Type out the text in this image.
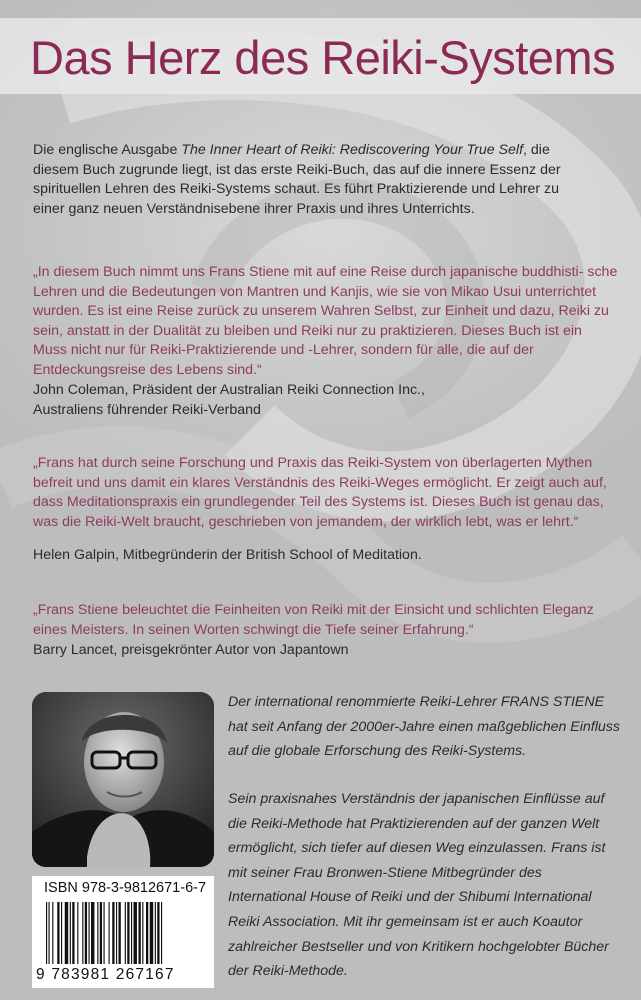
Das Herz des Reiki-Systems
Die englische Ausgabe The Inner Heart of Reiki: Rediscovering Your True Self, die diesem Buch zugrunde liegt, ist das erste Reiki-Buch, das auf die innere Essenz der spirituellen Lehren des Reiki-Systems schaut. Es führt Praktizierende und Lehrer zu einer ganz neuen Verständnisebene ihrer Praxis und ihres Unterrichts.
„In diesem Buch nimmt uns Frans Stiene mit auf eine Reise durch japanische buddhisti- sche Lehren und die Bedeutungen von Mantren und Kanjis, wie sie von Mikao Usui unterrichtet wurden. Es ist eine Reise zurück zu unserem Wahren Selbst, zur Einheit und dazu, Reiki zu sein, anstatt in der Dualität zu bleiben und Reiki nur zu praktizieren. Dieses Buch ist ein Muss nicht nur für Reiki-Praktizierende und -Lehrer, sondern für alle, die auf der Entdeckungsreise des Lebens sind.“
John Coleman, Präsident der Australian Reiki Connection Inc.,
Australiens führender Reiki-Verband
„Frans hat durch seine Forschung und Praxis das Reiki-System von überlagerten Mythen befreit und uns damit ein klares Verständnis des Reiki-Weges ermöglicht. Er zeigt auch auf, dass Meditationspraxis ein grundlegender Teil des Systems ist. Dieses Buch ist genau das, was die Reiki-Welt braucht, geschrieben von jemandem, der wirklich lebt, was er lehrt.“
Helen Galpin, Mitbegründerin der British School of Meditation.
„Frans Stiene beleuchtet die Feinheiten von Reiki mit der Einsicht und schlichten Eleganz eines Meisters. In seinen Worten schwingt die Tiefe seiner Erfahrung.“
Barry Lancet, preisgekrönter Autor von Japantown
Der international renommierte Reiki-Lehrer FRANS STIENE hat seit Anfang der 2000er-Jahre einen maßgeblichen Einfluss auf die globale Erforschung des Reiki-Systems.
Sein praxisnahes Verständnis der japanischen Einflüsse auf die Reiki-Methode hat Praktizierenden auf der ganzen Welt ermöglicht, sich tiefer auf diesen Weg einzulassen. Frans ist mit seiner Frau Bronwen-Stiene Mitbegründer des International House of Reiki und der Shibumi International Reiki Association. Mit ihr gemeinsam ist er auch Koautor zahlreicher Bestseller und von Kritikern hochgelobter Bücher der Reiki-Methode.
ISBN 978-3-9812671-6-7
9 783981 267167
